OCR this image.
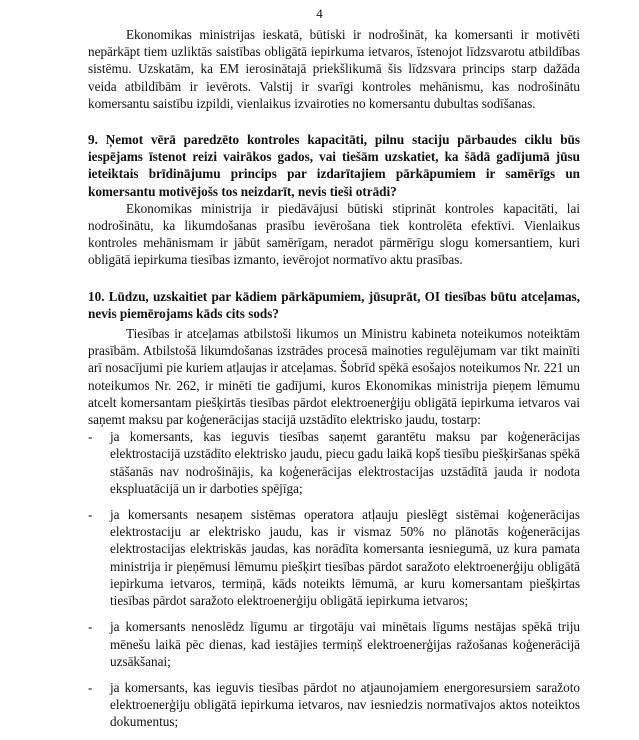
4

Ekonomikas ministrijas ieskatā, būtiski ir nodrošināt, ka komersanti ir motivēti nepārkāpt tiem uzliktās saistības obligātā iepirkuma ietvaros, īstenojot līdzsvarotu atbildības sistēmu. Uzskatām, ka EM ierosinātajā priekšlikumā šis līdzsvara princips starp dažāda veida atbildībām ir ievērots. Valstij ir svarīgi kontroles mehānismu, kas nodrošinātu komersantu saistību izpildi, vienlaikus izvairoties no komersantu dubultas sodīšanas.

9. Ņemot vērā paredzēto kontroles kapacitāti, pilnu staciju pārbaudes ciklu būs iespējams īstenot reizi vairākos gados, vai tiešām uzskatiet, ka šādā gadījumā jūsu ieteiktais brīdinājumu princips par izdarītajiem pārkāpumiem ir samērīgs un komersantu motivējošs tos neizdarīt, nevis tieši otrādi?

Ekonomikas ministrija ir piedāvājusi būtiski stiprināt kontroles kapacitāti, lai nodrošinātu, ka likumdošanas prasību ievērošana tiek kontrolēta efektīvi. Vienlaikus kontroles mehānismam ir jābūt samērīgam, neradot pārmērīgu slogu komersantiem, kuri obligātā iepirkuma tiesības izmanto, ievērojot normatīvo aktu prasības.

10. Lūdzu, uzskaitiet par kādiem pārkāpumiem, jūsuprāt, OI tiesības būtu atceļamas, nevis piemērojams kāds cits sods?

Tiesības ir atceļamas atbilstoši likumos un Ministru kabineta noteikumos noteiktām prasībām. Atbilstošā likumdošanas izstrādes procesā mainoties regulējumam var tikt mainīti arī nosacījumi pie kuriem atļaujas ir atceļamas. Šobrīd spēkā esošajos noteikumos Nr. 221 un noteikumos Nr. 262, ir minēti tie gadījumi, kuros Ekonomikas ministrija pieņem lēmumu atcelt komersantam piešķirtās tiesības pārdot elektroenerģiju obligātā iepirkuma ietvaros vai saņemt maksu par koģenerācijas stacijā uzstādīto elektrisko jaudu, tostarp:

- ja komersants, kas ieguvis tiesības saņemt garantētu maksu par koģenerācijas elektrostacijā uzstādīto elektrisko jaudu, piecu gadu laikā kopš tiesību piešķiršanas spēkā stāšanās nav nodrošinājis, ka koģenerācijas elektrostacijas uzstādītā jauda ir nodota ekspluatācijā un ir darboties spējīga;
- ja komersants nesaņem sistēmas operatora atļauju pieslēgt sistēmai koģenerācijas elektrostaciju ar elektrisko jaudu, kas ir vismaz 50% no plānotās koģenerācijas elektrostacijas elektriskās jaudas, kas norādīta komersanta iesniegumā, uz kura pamata ministrija ir pieņēmusi lēmumu piešķirt tiesības pārdot saražoto elektroenerģiju obligātā iepirkuma ietvaros, termiņā, kāds noteikts lēmumā, ar kuru komersantam piešķirtas tiesības pārdot saražoto elektroenerģiju obligātā iepirkuma ietvaros;
- ja komersants nenoslēdz līgumu ar tirgotāju vai minētais līgums nestājas spēkā triju mēnešu laikā pēc dienas, kad iestājies termiņš elektroenerģijas ražošanas koģenerācijā uzsākšanai;
- ja komersants, kas ieguvis tiesības pārdot no atjaunojamiem energoresursiem saražoto elektroenerģiju obligātā iepirkuma ietvaros, nav iesniedzis normatīvajos aktos noteiktos dokumentus;
